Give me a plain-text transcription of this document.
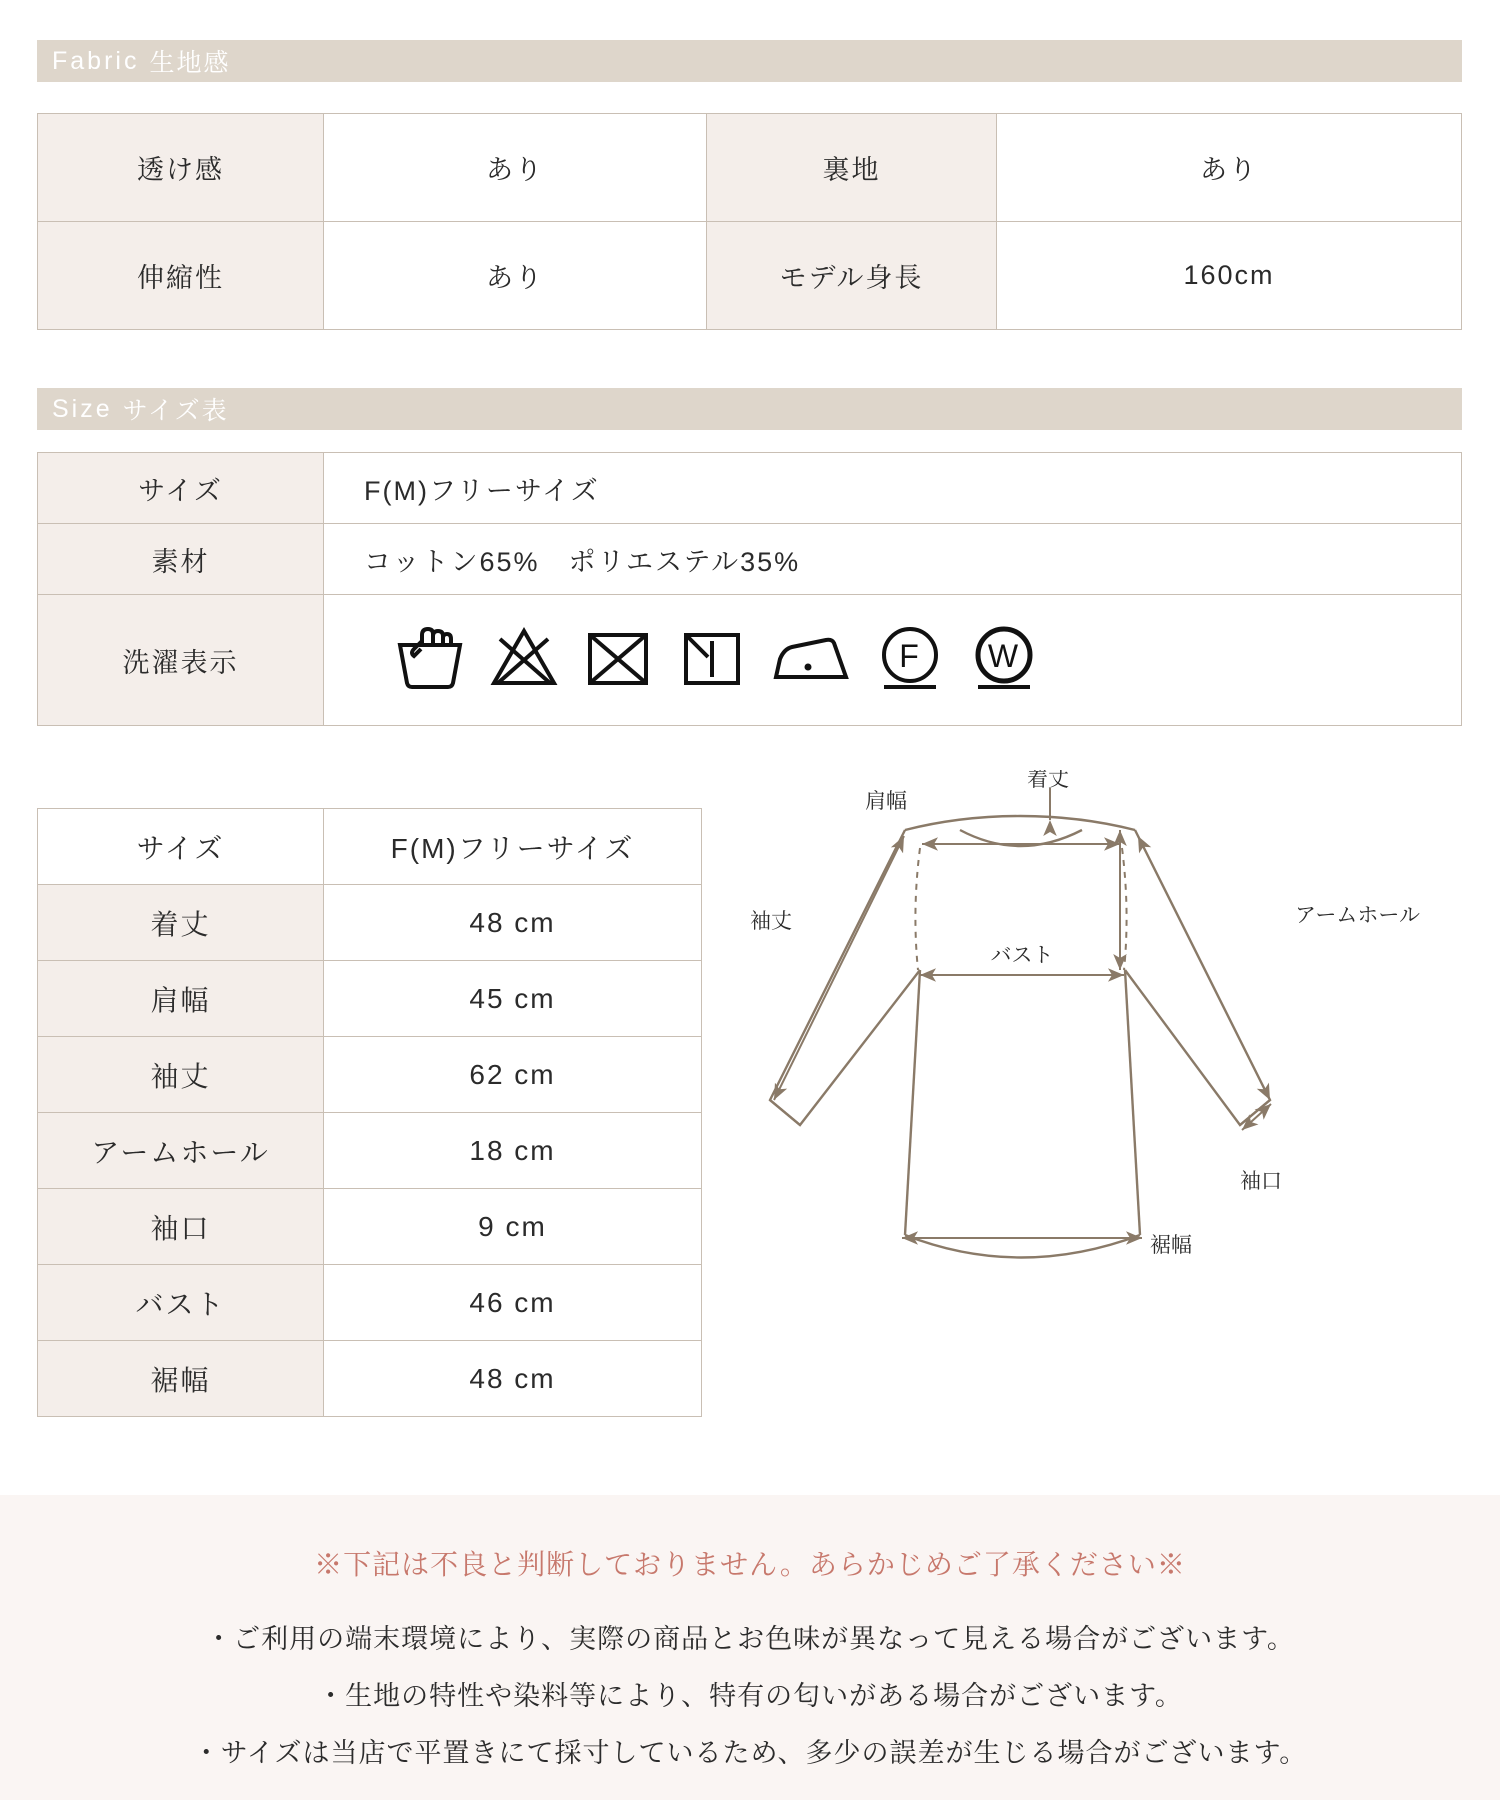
Fabric 生地感
透け感	あり	裏地	あり
伸縮性	あり	モデル身長	160cm
Size サイズ表
サイズ	F(M)フリーサイズ
素材	コットン65%　ポリエステル35%
洗濯表示	F W
サイズ	F(M)フリーサイズ
着丈	48 cm
肩幅	45 cm
袖丈	62 cm
アームホール	18 cm
袖口	9 cm
バスト	46 cm
裾幅	48 cm
肩幅
着丈
袖丈	アームホール
バスト
袖口
裾幅
※下記は不良と判断しておりません。あらかじめご了承ください※

・ご利用の端末環境により、実際の商品とお色味が異なって見える場合がございます。

・生地の特性や染料等により、特有の匂いがある場合がございます。

・サイズは当店で平置きにて採寸しているため、多少の誤差が生じる場合がございます。
